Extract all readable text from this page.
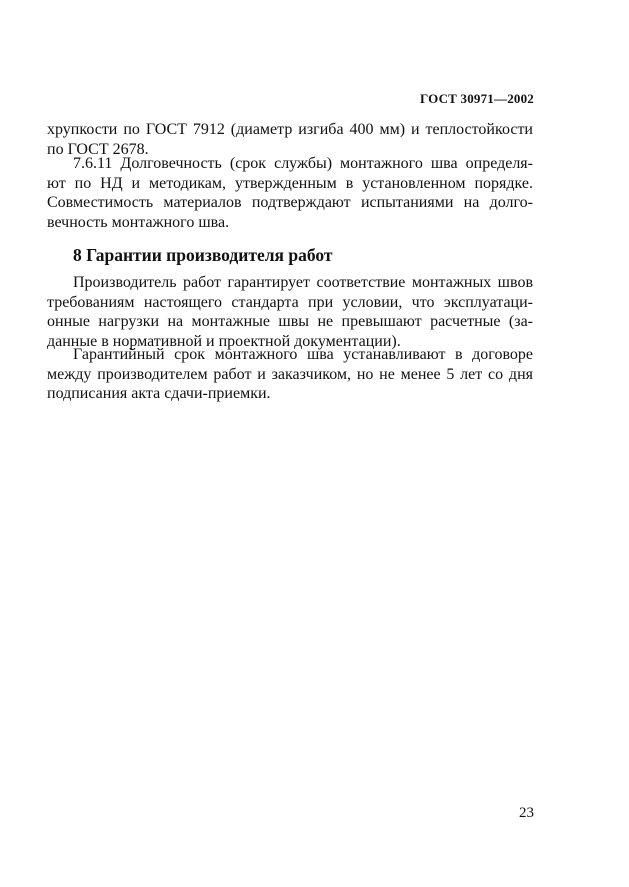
ГОСТ 30971—2002
хрупкости по ГОСТ 7912 (диаметр изгиба 400 мм) и теплостойкости
по ГОСТ 2678.
7.6.11 Долговечность (срок службы) монтажного шва определя-
ют по НД и методикам, утвержденным в установленном порядке.
Совместимость материалов подтверждают испытаниями на долго-
вечность монтажного шва.
8 Гарантии производителя работ
Производитель работ гарантирует соответствие монтажных швов
требованиям настоящего стандарта при условии, что эксплуатаци-
онные нагрузки на монтажные швы не превышают расчетные (за-
данные в нормативной и проектной документации).
Гарантийный срок монтажного шва устанавливают в договоре
между производителем работ и заказчиком, но не менее 5 лет со дня
подписания акта сдачи-приемки.
23
